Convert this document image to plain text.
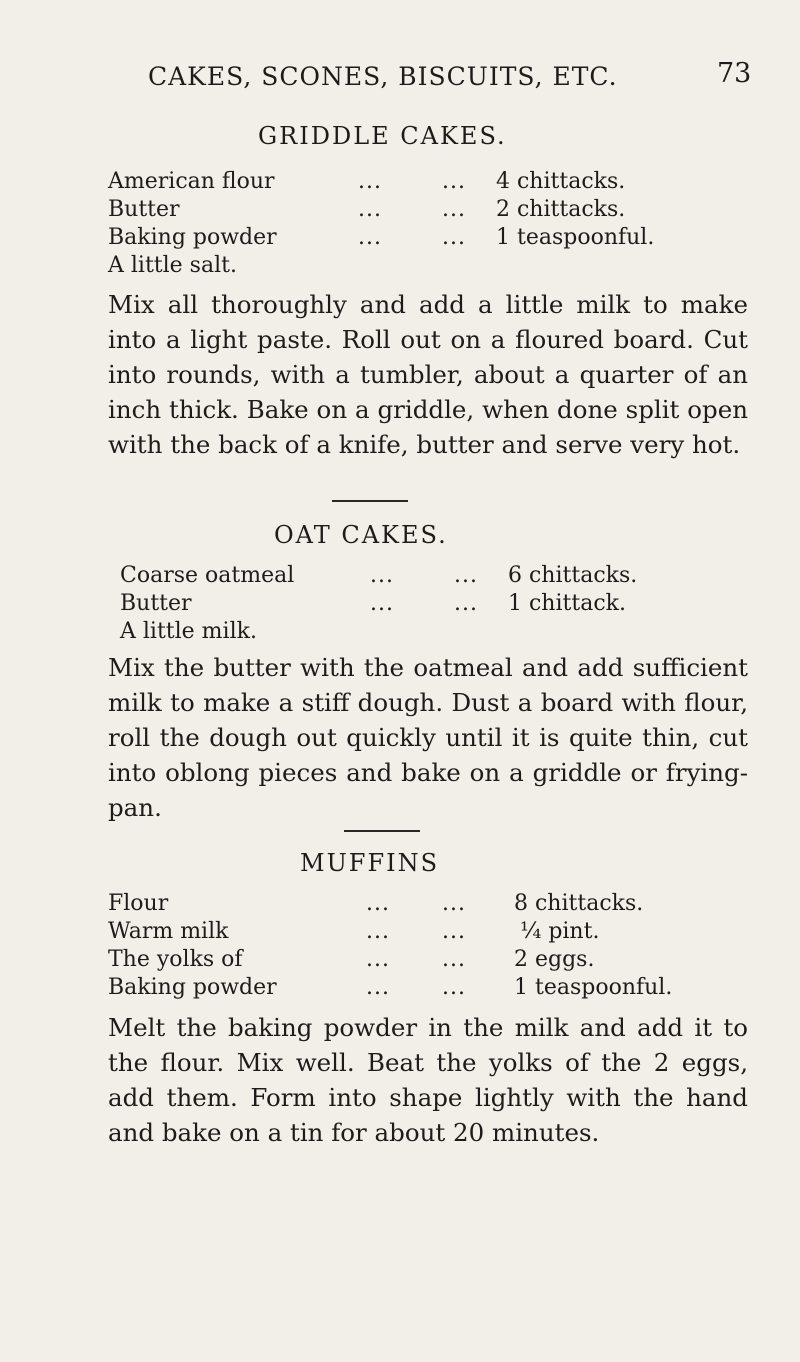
CAKES, SCONES, BISCUITS, ETC.	73
GRIDDLE CAKES.
American flour	...	... 4 chittacks.
Butter	...	... 2 chittacks.
Baking powder	...	... 1 teaspoonful.
A little salt.
Mix all thoroughly and add a little milk to make into a light paste. Roll out on a floured board. Cut into rounds, with a tumbler, about a quarter of an inch thick. Bake on a griddle, when done split open with the back of a knife, butter and serve very hot.
OAT CAKES.
Coarse oatmeal	...	... 6 chittacks.
Butter	...	... 1 chittack.
A little milk.
Mix the butter with the oatmeal and add sufficient milk to make a stiff dough. Dust a board with flour, roll the dough out quickly until it is quite thin, cut into oblong pieces and bake on a griddle or frying-pan.
MUFFINS
Flour	... ... 8 chittacks.
Warm milk	... ... ¼ pint.
The yolks of	... ... 2 eggs.
Baking powder	... ... 1 teaspoonful.
Melt the baking powder in the milk and add it to the flour. Mix well. Beat the yolks of the 2 eggs, add them. Form into shape lightly with the hand and bake on a tin for about 20 minutes.
